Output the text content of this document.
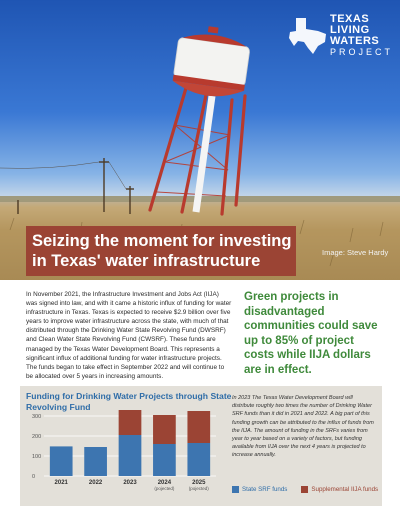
Image: Steve Hardy
TEXAS
LIVING
WATERS
PROJECT
Seizing the moment for investing
in Texas' water infrastructure

In November 2021, the Infrastructure Investment and Jobs Act (IIJA) was signed into law, and with it came a historic influx of funding for water infrastructure in Texas. Texas is expected to receive $2.9 billion over five years to improve water infrastructure across the state, with much of that distributed through the Drinking Water State Revolving Fund (DWSRF) and Clean Water State Revolving Fund (CWSRF). These funds are managed by the Texas Water Development Board. This represents a significant influx of additional funding for water infrastructure projects. The funds began to take effect in September 2022 and will continue to be allocated over 5 years in increasing amounts.

Green projects in disadvantaged communities could save up to 85% of project costs while IIJA dollars are in effect.

0
100
200
300
2021	2022	2023	2024
(pojected)
2025
(pojected)
Funding for Drinking Water Projects through State Revolving Fund

In 2023 The Texas Water Development Board will distribute roughly two times the number of Drinking Water SRF funds than it did in 2021 and 2022. A big part of this funding growth can be attributed to the influx of funds from the IIJA. The amount of funding in the SRFs varies from year to year based on a variety of factors, but funding available from IIJA over the next 4 years is projected to increase annually.

State SRF funds	Supplemental IIJA funds
